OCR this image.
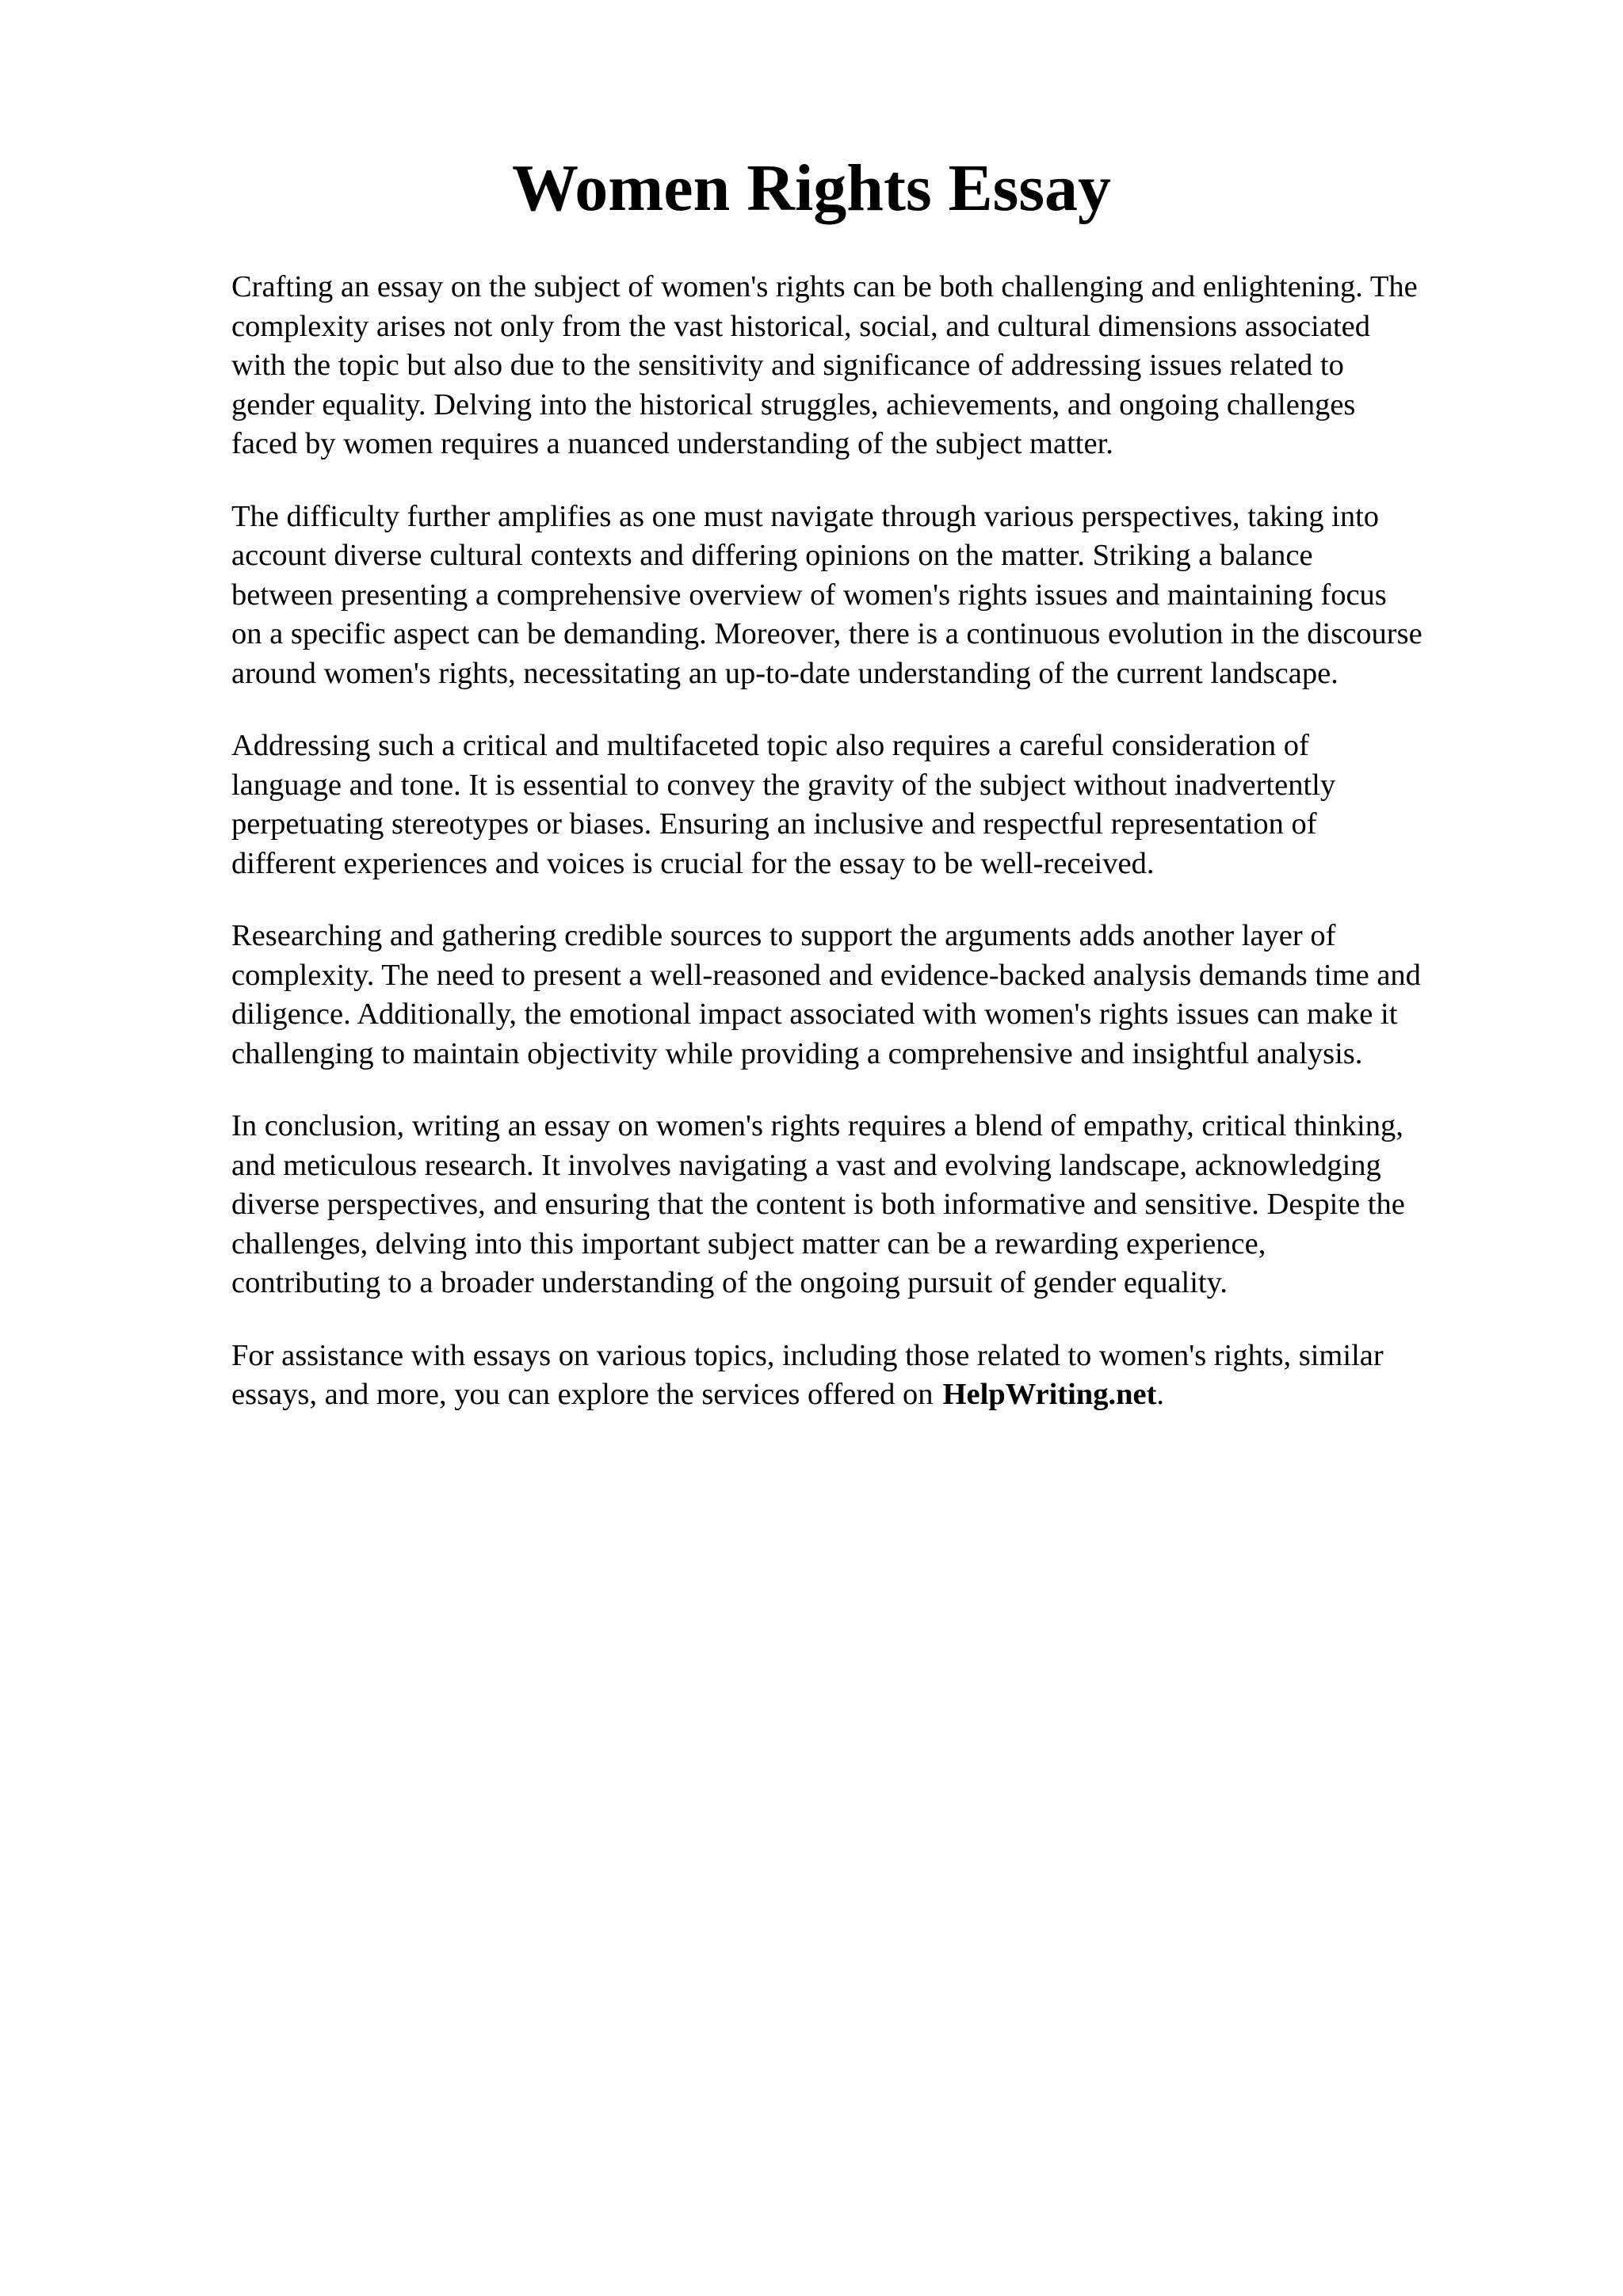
Women Rights Essay

Crafting an essay on the subject of women's rights can be both challenging and enlightening. The
complexity arises not only from the vast historical, social, and cultural dimensions associated
with the topic but also due to the sensitivity and significance of addressing issues related to
gender equality. Delving into the historical struggles, achievements, and ongoing challenges
faced by women requires a nuanced understanding of the subject matter.

The difficulty further amplifies as one must navigate through various perspectives, taking into
account diverse cultural contexts and differing opinions on the matter. Striking a balance
between presenting a comprehensive overview of women's rights issues and maintaining focus
on a specific aspect can be demanding. Moreover, there is a continuous evolution in the discourse
around women's rights, necessitating an up-to-date understanding of the current landscape.

Addressing such a critical and multifaceted topic also requires a careful consideration of
language and tone. It is essential to convey the gravity of the subject without inadvertently
perpetuating stereotypes or biases. Ensuring an inclusive and respectful representation of
different experiences and voices is crucial for the essay to be well-received.

Researching and gathering credible sources to support the arguments adds another layer of
complexity. The need to present a well-reasoned and evidence-backed analysis demands time and
diligence. Additionally, the emotional impact associated with women's rights issues can make it
challenging to maintain objectivity while providing a comprehensive and insightful analysis.

In conclusion, writing an essay on women's rights requires a blend of empathy, critical thinking,
and meticulous research. It involves navigating a vast and evolving landscape, acknowledging
diverse perspectives, and ensuring that the content is both informative and sensitive. Despite the
challenges, delving into this important subject matter can be a rewarding experience,
contributing to a broader understanding of the ongoing pursuit of gender equality.

For assistance with essays on various topics, including those related to women's rights, similar
essays, and more, you can explore the services offered on HelpWriting.net.
